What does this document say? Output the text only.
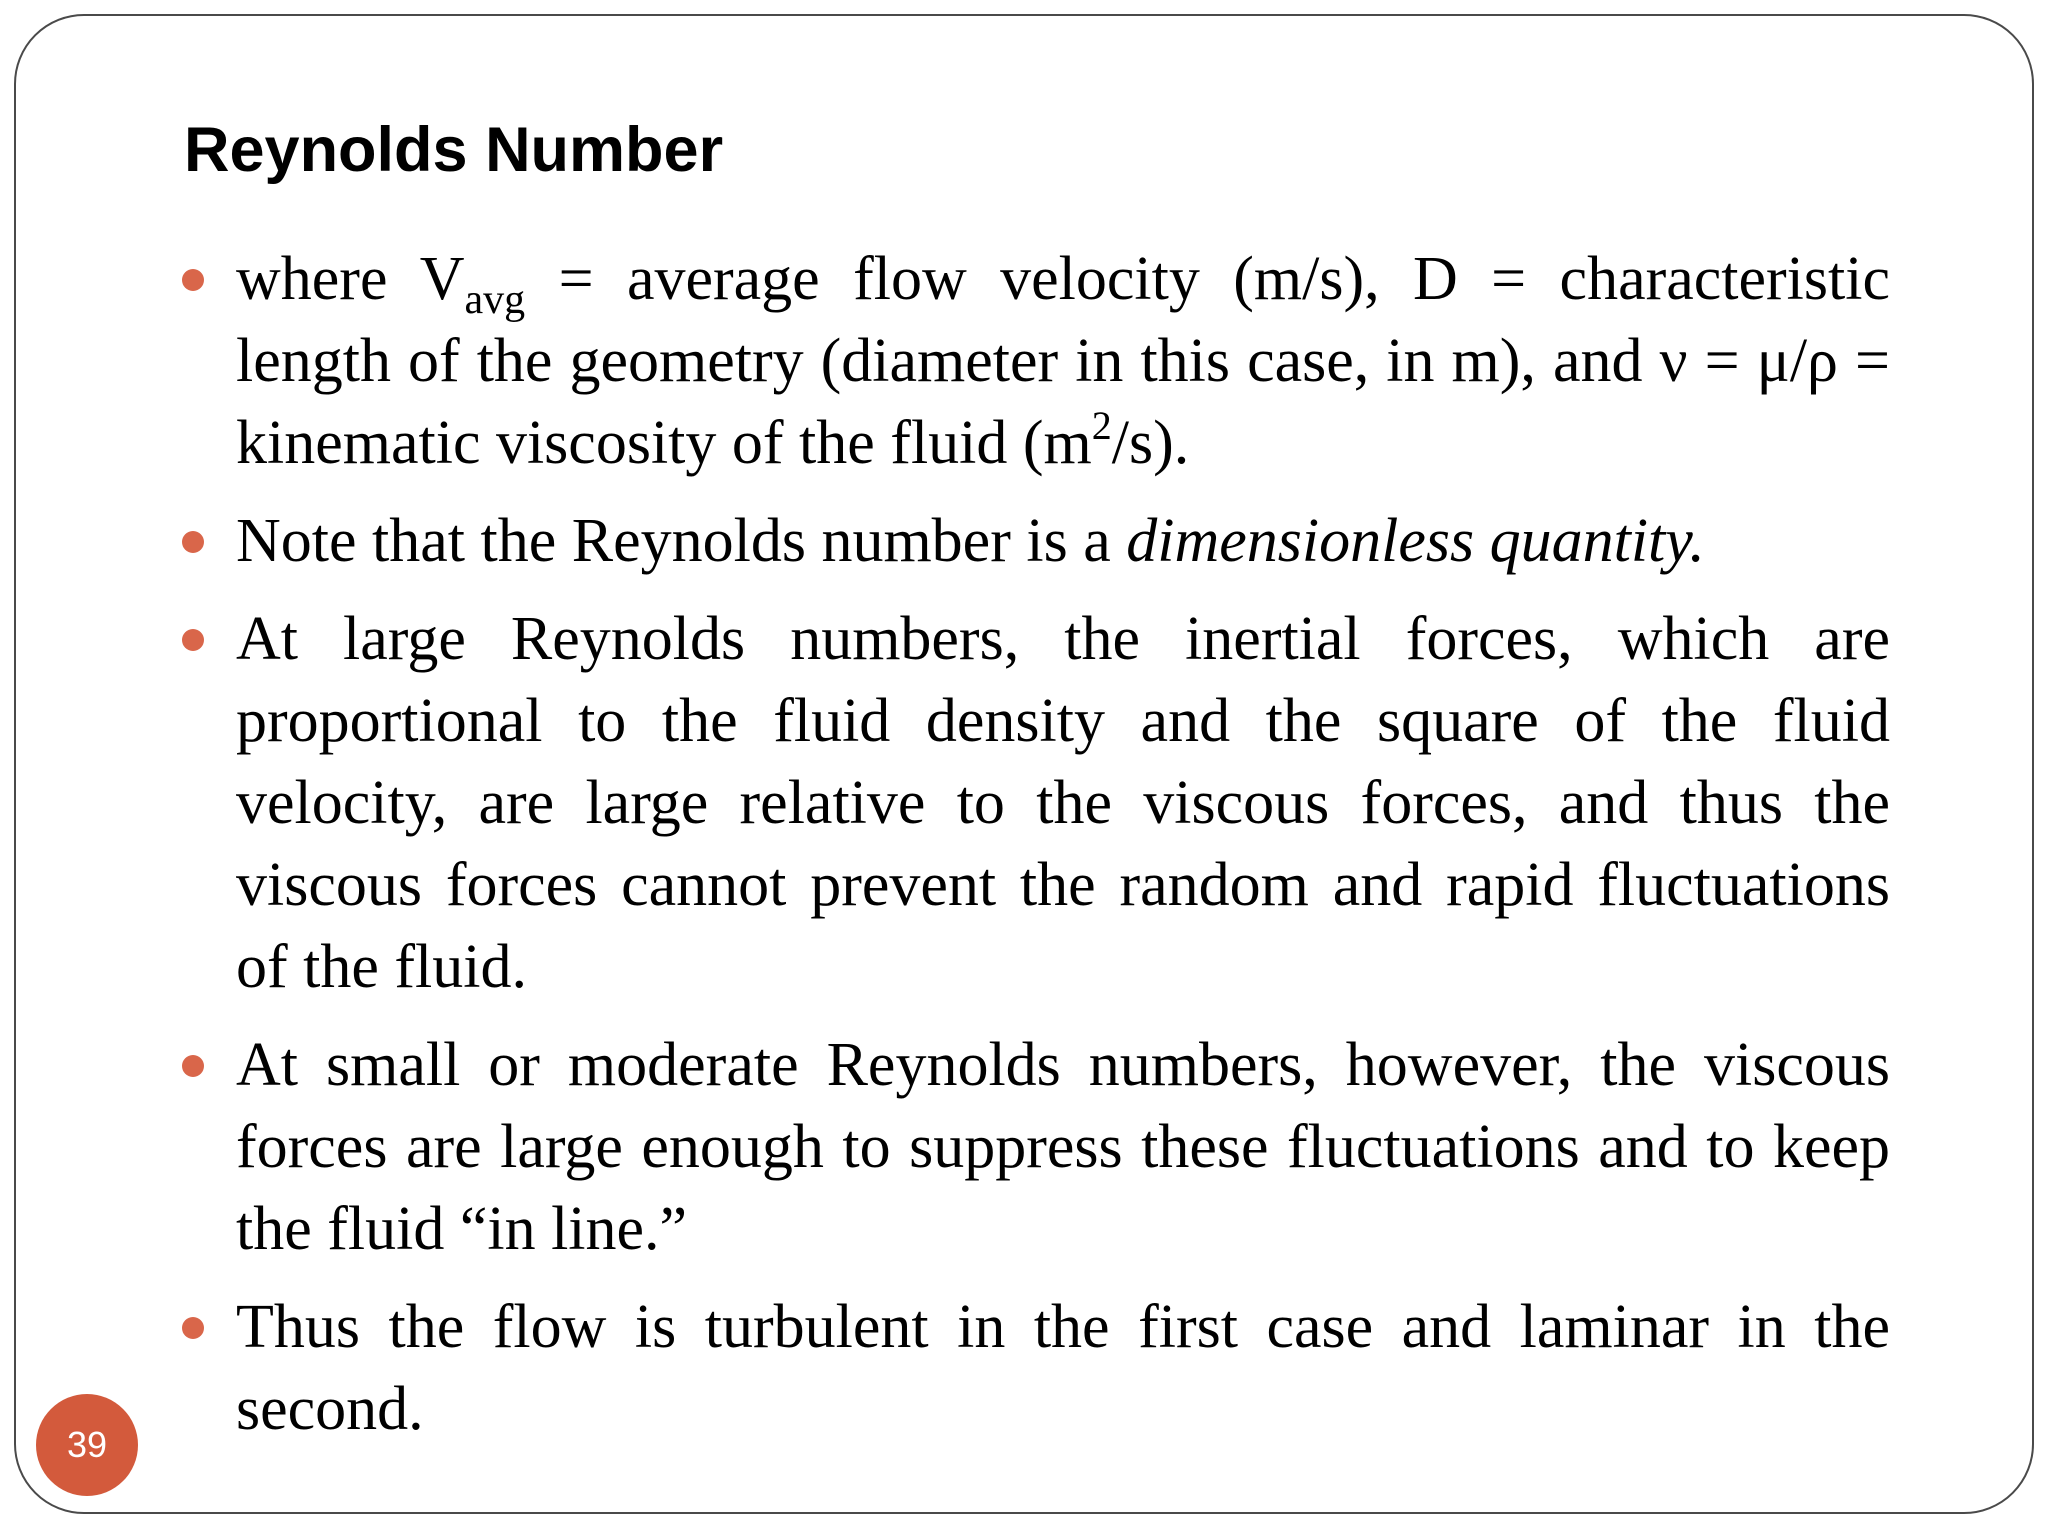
Reynolds Number
where $V_{avg}$ = average flow velocity (m/s), D = characteristic length of the geometry (diameter in this case, in m), and ν = μ/ρ = kinematic viscosity of the fluid $(m^2/s)$.
Note that the Reynolds number is a dimensionless quantity.
At large Reynolds numbers, the inertial forces, which are proportional to the fluid density and the square of the fluid velocity, are large relative to the viscous forces, and thus the viscous forces cannot prevent the random and rapid fluctuations of the fluid.
At small or moderate Reynolds numbers, however, the viscous forces are large enough to suppress these fluctuations and to keep the fluid “in line.”
Thus the flow is turbulent in the first case and laminar in the second.
39
